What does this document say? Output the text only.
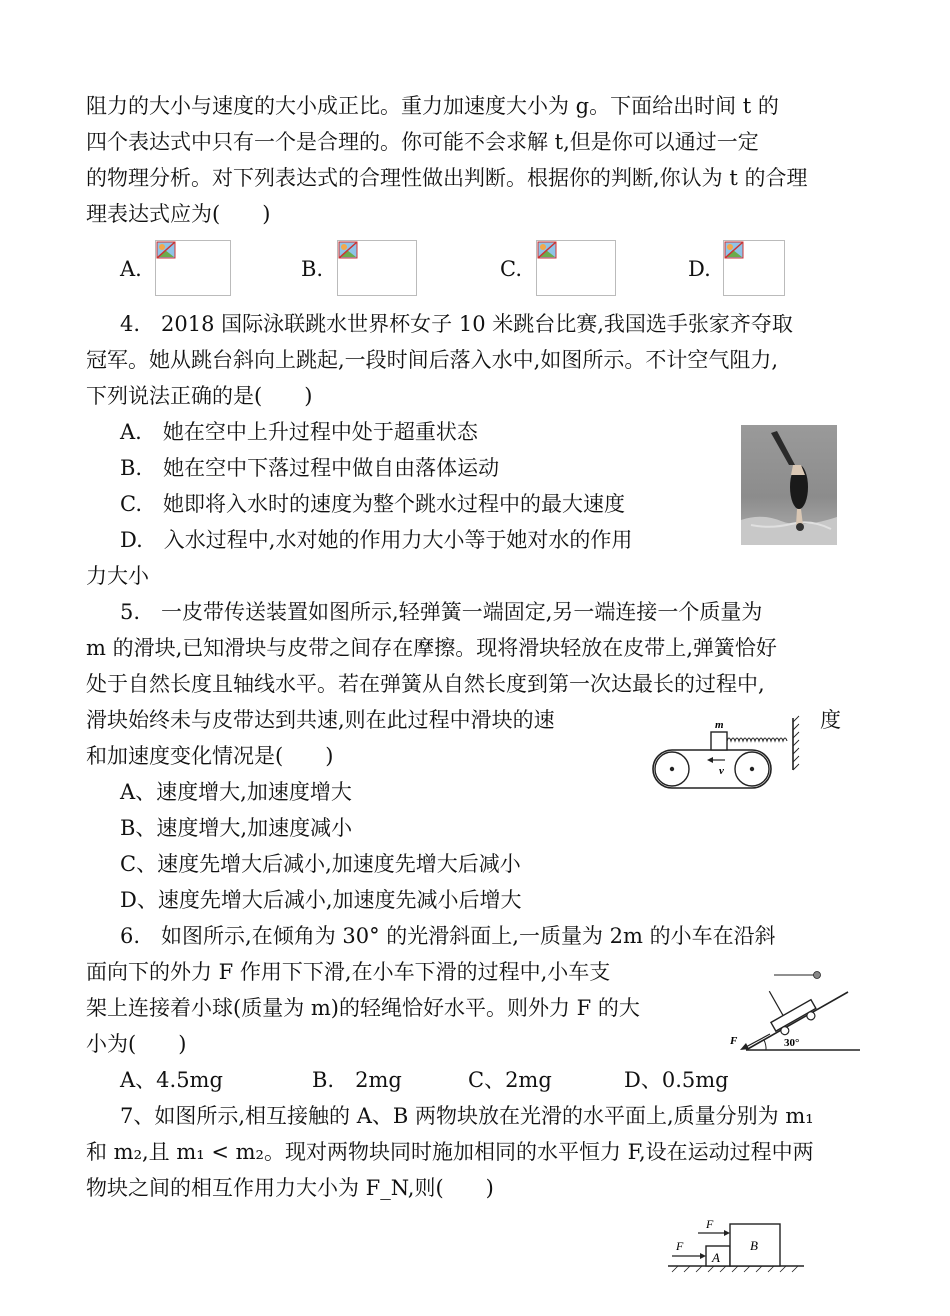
阻力的大小与速度的大小成正比。重力加速度大小为 g。下面给出时间 t 的
四个表达式中只有一个是合理的。你可能不会求解 t,但是你可以通过一定
的物理分析。对下列表达式的合理性做出判断。根据你的判断,你认为 t 的合理
理表达式应为(　　)
A.	B.	C.	D.
4.　2018 国际泳联跳水世界杯女子 10 米跳台比赛,我国选手张家齐夺取
冠军。她从跳台斜向上跳起,一段时间后落入水中,如图所示。不计空气阻力,
下列说法正确的是(　　)
A.　她在空中上升过程中处于超重状态
B.　她在空中下落过程中做自由落体运动
C.　她即将入水时的速度为整个跳水过程中的最大速度
D.　入水过程中,水对她的作用力大小等于她对水的作用
力大小
5.　一皮带传送装置如图所示,轻弹簧一端固定,另一端连接一个质量为
m 的滑块,已知滑块与皮带之间存在摩擦。现将滑块轻放在皮带上,弹簧恰好
处于自然长度且轴线水平。若在弹簧从自然长度到第一次达最长的过程中,
滑块始终未与皮带达到共速,则在此过程中滑块的速	度
和加速度变化情况是(　　)
A、速度增大,加速度增大
B、速度增大,加速度减小
C、速度先增大后减小,加速度先增大后减小
D、速度先增大后减小,加速度先减小后增大
m
v
6.　如图所示,在倾角为 30° 的光滑斜面上,一质量为 2m 的小车在沿斜
面向下的外力 F 作用下下滑,在小车下滑的过程中,小车支
架上连接着小球(质量为 m)的轻绳恰好水平。则外力 F 的大
小为(　　)
A、4.5mg	B.　2mg	C、2mg	D、0.5mg
F	30°
7、如图所示,相互接触的 A、B 两物块放在光滑的水平面上,质量分别为 m₁
和 m₂,且 m₁ < m₂。现对两物块同时施加相同的水平恒力 F,设在运动过程中两
物块之间的相互作用力大小为 F_N,则(　　)
F
F
A
B
